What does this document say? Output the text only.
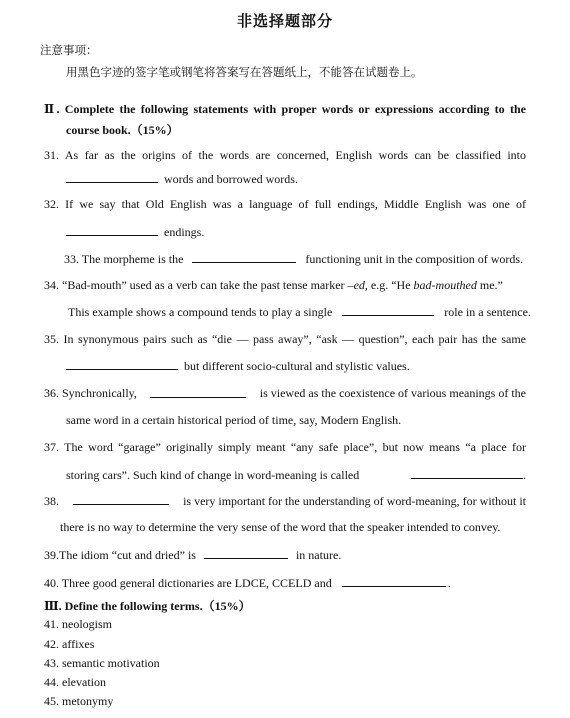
非选择题部分
注意事项：
用黑色字迹的签字笔或钢笔将答案写在答题纸上，不能答在试题卷上。
Ⅱ. Complete the following statements with proper words or expressions according to the
course book.（15%）
31. As far as the origins of the words are concerned, English words can be classified into
words and borrowed words.
32. If we say that Old English was a language of full endings, Middle English was one of
endings.
33. The morpheme is the	functioning unit in the composition of words.
34. “Bad-mouth” used as a verb can take the past tense marker –ed, e.g. “He bad-mouthed me.”
This example shows a compound tends to play a single	role in a sentence.
35. In synonymous pairs such as “die — pass away”, “ask — question”, each pair has the same
but different socio-cultural and stylistic values.
36. Synchronically,	is viewed as the coexistence of various meanings of the
same word in a certain historical period of time, say, Modern English.
37. The word “garage” originally simply meant “any safe place”, but now means “a place for
storing cars”. Such kind of change in word-meaning is called	.
38.	is very important for the understanding of word-meaning, for without it
there is no way to determine the very sense of the word that the speaker intended to convey.
39.The idiom “cut and dried” is	in nature.
40. Three good general dictionaries are LDCE, CCELD and	.
Ⅲ. Define the following terms.（15%）
41. neologism
42. affixes
43. semantic motivation
44. elevation
45. metonymy
